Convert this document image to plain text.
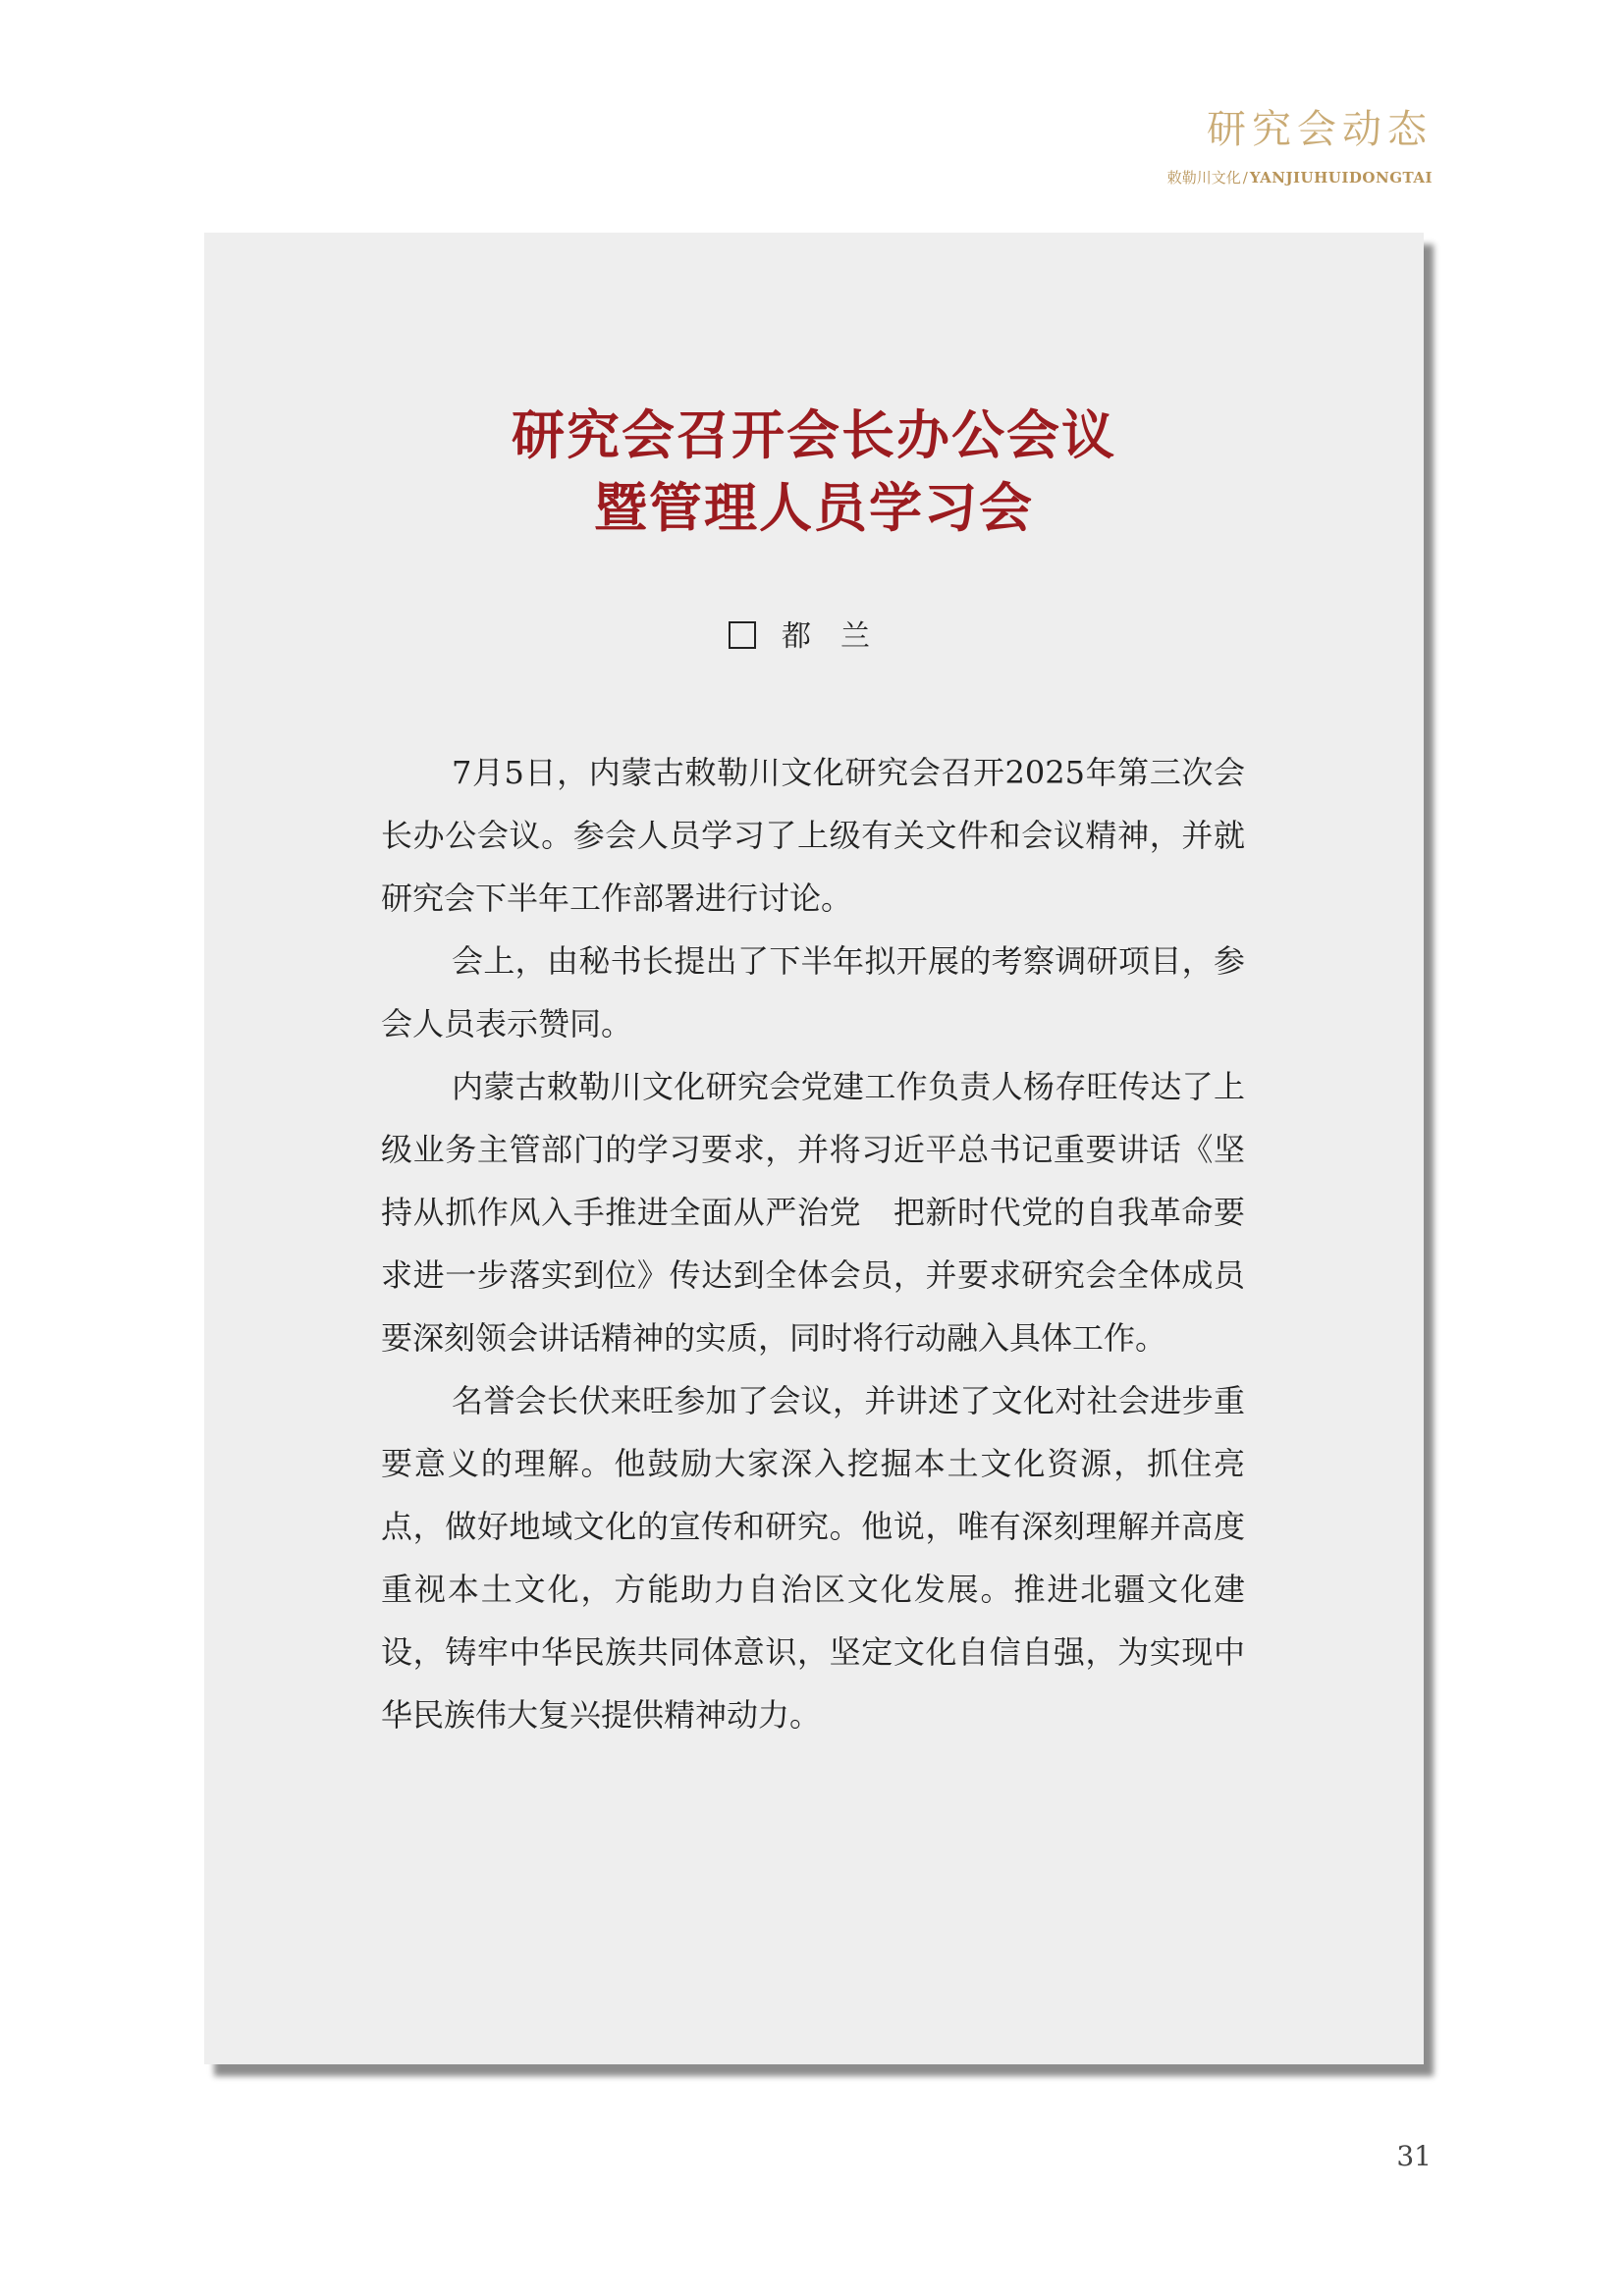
研究会动态
敕勒川文化 / YANJIUHUIDONGTAI
研究会召开会长办公会议
暨管理人员学习会
都兰

7月5日，内蒙古敕勒川文化研究会召开2025年第三次会长办公会议。参会人员学习了上级有关文件和会议精神，并就研究会下半年工作部署进行讨论。

会上，由秘书长提出了下半年拟开展的考察调研项目，参会人员表示赞同。

内蒙古敕勒川文化研究会党建工作负责人杨存旺传达了上级业务主管部门的学习要求，并将习近平总书记重要讲话《坚持从抓作风入手推进全面从严治党　把新时代党的自我革命要求进一步落实到位》传达到全体会员，并要求研究会全体成员要深刻领会讲话精神的实质，同时将行动融入具体工作。

名誉会长伏来旺参加了会议，并讲述了文化对社会进步重要意义的理解。他鼓励大家深入挖掘本土文化资源，抓住亮点，做好地域文化的宣传和研究。他说，唯有深刻理解并高度重视本土文化，方能助力自治区文化发展。推进北疆文化建设，铸牢中华民族共同体意识，坚定文化自信自强，为实现中华民族伟大复兴提供精神动力。

31
